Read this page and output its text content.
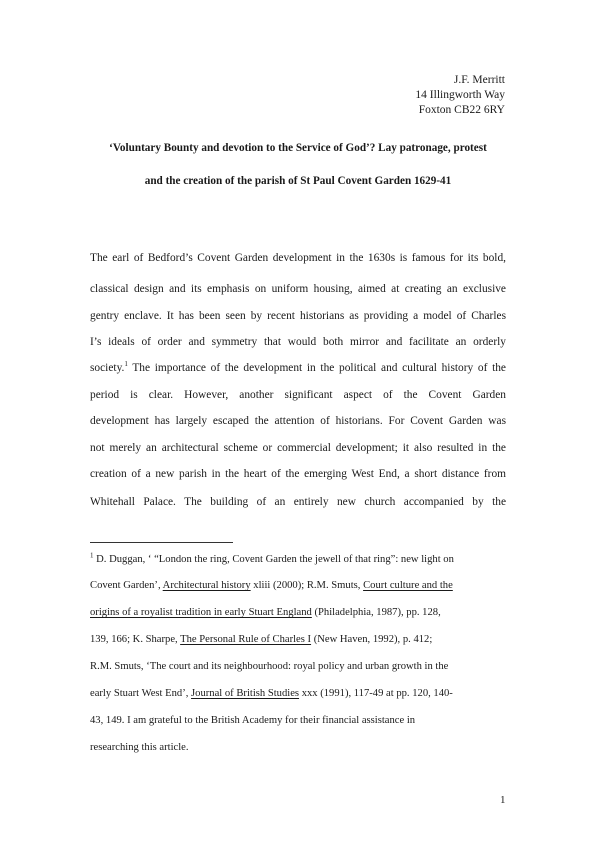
J.F. Merritt
14 Illingworth Way
Foxton CB22 6RY
‘Voluntary Bounty and devotion to the Service of God’? Lay patronage, protest
and the creation of the parish of St Paul Covent Garden 1629-41
The earl of Bedford’s Covent Garden development in the 1630s is famous for its bold,
classical design and its emphasis on uniform housing, aimed at creating an exclusive
gentry enclave. It has been seen by recent historians as providing a model of Charles
I’s ideals of order and symmetry that would both mirror and facilitate an orderly
society.$^1$ The importance of the development in the political and cultural history of the
period is clear. However, another significant aspect of the Covent Garden
development has largely escaped the attention of historians. For Covent Garden was
not merely an architectural scheme or commercial development; it also resulted in the
creation of a new parish in the heart of the emerging West End, a short distance from
Whitehall Palace. The building of an entirely new church accompanied by the
$^1$ D. Duggan, ‘ “London the ring, Covent Garden the jewell of that ring”: new light on
Covent Garden’, Architectural history xliii (2000); R.M. Smuts, Court culture and the
origins of a royalist tradition in early Stuart England (Philadelphia, 1987), pp. 128,
139, 166; K. Sharpe, The Personal Rule of Charles I (New Haven, 1992), p. 412;
R.M. Smuts, ‘The court and its neighbourhood: royal policy and urban growth in the
early Stuart West End’, Journal of British Studies xxx (1991), 117-49 at pp. 120, 140-
43, 149. I am grateful to the British Academy for their financial assistance in
researching this article.
1
